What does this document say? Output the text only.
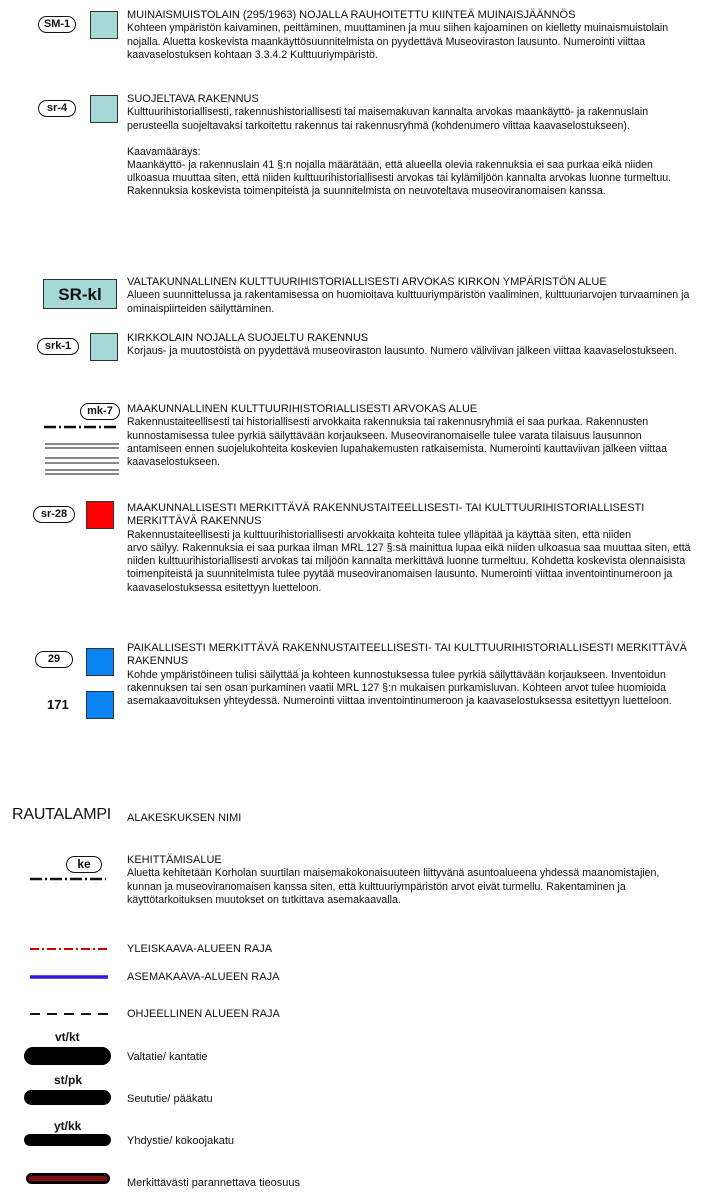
SM-1
MUINAISMUISTOLAIN (295/1963) NOJALLA RAUHOITETTU KIINTEÄ MUINAISJÄÄNNÖS
Kohteen ympäristön kaivaminen, peittäminen, muuttaminen ja muu siihen kajoaminen on kielletty muinaismuistolain nojalla. Aluetta koskevista maankäyttösuunnitelmista on pyydettävä Museoviraston lausunto. Numerointi viittaa kaavaselostuksen kohtaan 3.3.4.2 Kulttuuriympäristö.
sr-4
SUOJELTAVA RAKENNUS
Kulttuurihistoriallisesti, rakennushistoriallisesti tai maisemakuvan kannalta arvokas maankäyttö- ja rakennuslain perusteella suojeltavaksi tarkoitettu rakennus tai rakennusryhmä (kohdenumero viittaa kaavaselostukseen).
Kaavamääräys:
Maankäyttö- ja rakennuslain 41 §:n nojalla määrätään, että alueella olevia rakennuksia ei saa purkaa eikä niiden ulkoasua muuttaa siten, että niiden kulttuurihistoriallisesti arvokas tai kylämiljöön kannalta arvokas luonne turmeltuu. Rakennuksia koskevista toimenpiteistä ja suunnitelmista on neuvoteltava museoviranomaisen kanssa.
SR-kl
VALTAKUNNALLINEN KULTTUURIHISTORIALLISESTI ARVOKAS KIRKON YMPÄRISTÖN ALUE
Alueen suunnittelussa ja rakentamisessa on huomioitava kulttuuriympäristön vaaliminen, kulttuuriarvojen turvaaminen ja ominaispiirteiden säilyttäminen.
srk-1
KIRKKOLAIN NOJALLA SUOJELTU RAKENNUS
Korjaus- ja muutostöistä on pyydettävä museoviraston lausunto. Numero väliviivan jälkeen viittaa kaavaselostukseen.
mk-7	MAAKUNNALLINEN KULTTUURIHISTORIALLISESTI ARVOKAS ALUE
Rakennustaiteellisesti tai historiallisesti arvokkaita rakennuksia tai rakennusryhmiä ei saa purkaa. Rakennusten kunnostamisessa tulee pyrkiä säilyttävään korjaukseen. Museoviranomaiselle tulee varata tilaisuus lausunnon antamiseen ennen suojelukohteita koskevien lupahakemusten ratkaisemista. Numerointi kauttaviivan jälkeen viittaa kaavaselostukseen.
sr-28	MAAKUNNALLISESTI MERKITTÄVÄ RAKENNUSTAITEELLISESTI- TAI KULTTUURIHISTORIALLISESTI MERKITTÄVÄ RAKENNUS
Rakennustaiteellisesti ja kulttuurihistoriallisesti arvokkaita kohteita tulee ylläpitää ja käyttää siten, että niiden
arvo säilyy. Rakennuksia ei saa purkaa ilman MRL 127 §:sä mainittua lupaa eikä niiden ulkoasua saa muuttaa siten, että niiden kulttuurihistoriallisesti arvokas tai miljöön kannalta merkittävä luonne turmeltuu. Kohdetta koskevista olennaisista toimenpiteistä ja suunnitelmista tulee pyytää museoviranomaisen lausunto. Numerointi viittaa inventointinumeroon ja kaavaselostuksessa esitettyyn luetteloon.
29
171
PAIKALLISESTI MERKITTÄVÄ RAKENNUSTAITEELLISESTI- TAI KULTTUURIHISTORIALLISESTI MERKITTÄVÄ RAKENNUS
Kohde ympäristöineen tulisi säilyttää ja kohteen kunnostuksessa tulee pyrkiä säilyttävään korjaukseen. Inventoidun rakennuksen tai sen osan purkaminen vaatii MRL 127 §:n mukaisen purkamisluvan. Kohteen arvot tulee huomioida asemakaavoituksen yhteydessä. Numerointi viittaa inventointinumeroon ja kaavaselostuksessa esitettyyn luetteloon.
RAUTALAMPI ALAKESKUKSEN NIMI
ke	KEHITTÄMISALUE
Aluetta kehitetään Korholan suurtilan maisemakokonaisuuteen liittyvänä asuntoalueena yhdessä maanomistajien, kunnan ja museoviranomaisen kanssa siten, että kulttuuriympäristön arvot eivät turmellu. Rakentaminen ja käyttötarkoituksen muutokset on tutkittava asemakaavalla.
YLEISKAAVA-ALUEEN RAJA
ASEMAKAAVA-ALUEEN RAJA
OHJEELLINEN ALUEEN RAJA
vt/kt
Valtatie/ kantatie
st/pk
Seututie/ pääkatu
yt/kk
Yhdystie/ kokoojakatu
Merkittävästi parannettava tieosuus
